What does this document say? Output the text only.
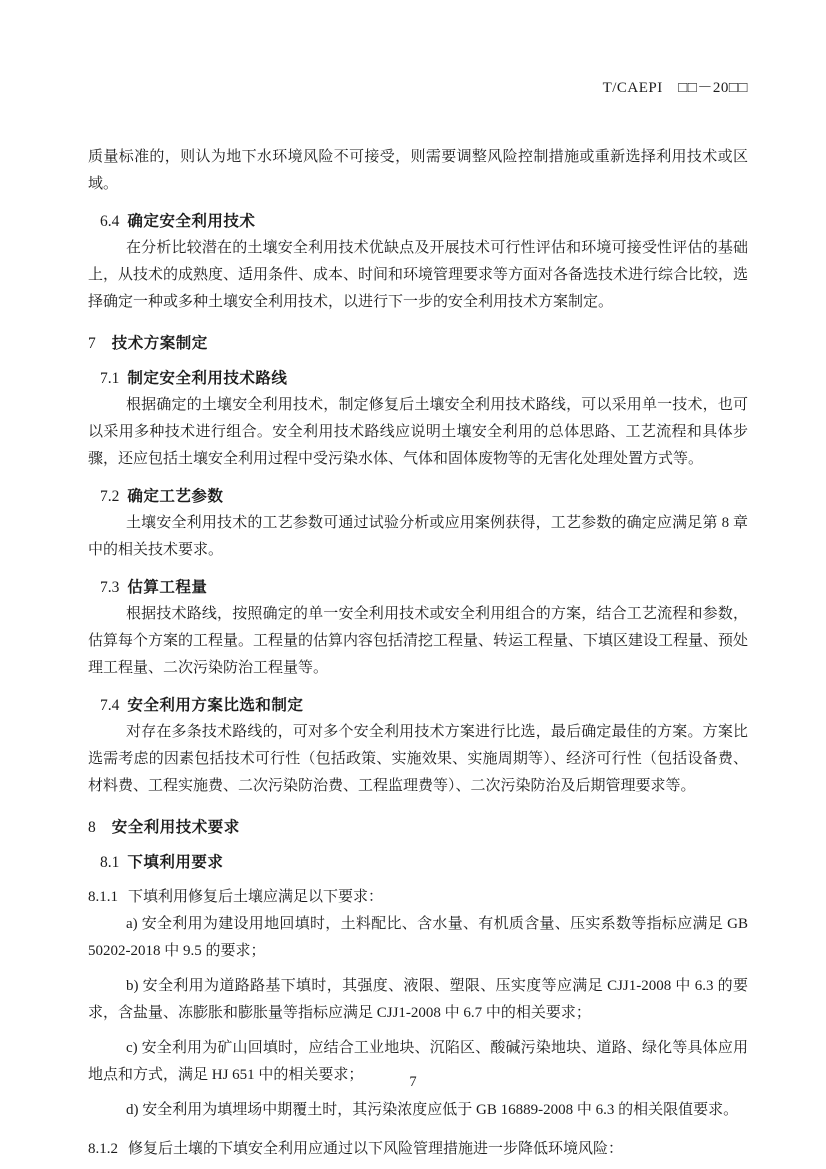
T/CAEPI　□□－20□□

质量标准的，则认为地下水环境风险不可接受，则需要调整风险控制措施或重新选择利用技术或区域。

6.4 确定安全利用技术

在分析比较潜在的土壤安全利用技术优缺点及开展技术可行性评估和环境可接受性评估的基础上，从技术的成熟度、适用条件、成本、时间和环境管理要求等方面对各备选技术进行综合比较，选择确定一种或多种土壤安全利用技术，以进行下一步的安全利用技术方案制定。

7 技术方案制定
7.1 制定安全利用技术路线

根据确定的土壤安全利用技术，制定修复后土壤安全利用技术路线，可以采用单一技术，也可以采用多种技术进行组合。安全利用技术路线应说明土壤安全利用的总体思路、工艺流程和具体步骤，还应包括土壤安全利用过程中受污染水体、气体和固体废物等的无害化处理处置方式等。

7.2 确定工艺参数

土壤安全利用技术的工艺参数可通过试验分析或应用案例获得，工艺参数的确定应满足第 8 章中的相关技术要求。

7.3 估算工程量

根据技术路线，按照确定的单一安全利用技术或安全利用组合的方案，结合工艺流程和参数，估算每个方案的工程量。工程量的估算内容包括清挖工程量、转运工程量、下填区建设工程量、预处理工程量、二次污染防治工程量等。

7.4 安全利用方案比选和制定

对存在多条技术路线的，可对多个安全利用技术方案进行比选，最后确定最佳的方案。方案比选需考虑的因素包括技术可行性（包括政策、实施效果、实施周期等）、经济可行性（包括设备费、材料费、工程实施费、二次污染防治费、工程监理费等）、二次污染防治及后期管理要求等。

8 安全利用技术要求
8.1 下填利用要求

8.1.1 下填利用修复后土壤应满足以下要求：

a) 安全利用为建设用地回填时，土料配比、含水量、有机质含量、压实系数等指标应满足 GB 50202-2018 中 9.5 的要求；

b) 安全利用为道路路基下填时，其强度、液限、塑限、压实度等应满足 CJJ1-2008 中 6.3 的要求，含盐量、冻膨胀和膨胀量等指标应满足 CJJ1-2008 中 6.7 中的相关要求；

c) 安全利用为矿山回填时，应结合工业地块、沉陷区、酸碱污染地块、道路、绿化等具体应用地点和方式，满足 HJ 651 中的相关要求；

d) 安全利用为填埋场中期覆土时，其污染浓度应低于 GB 16889-2008 中 6.3 的相关限值要求。

8.1.2 修复后土壤的下填安全利用应通过以下风险管理措施进一步降低环境风险：

7
